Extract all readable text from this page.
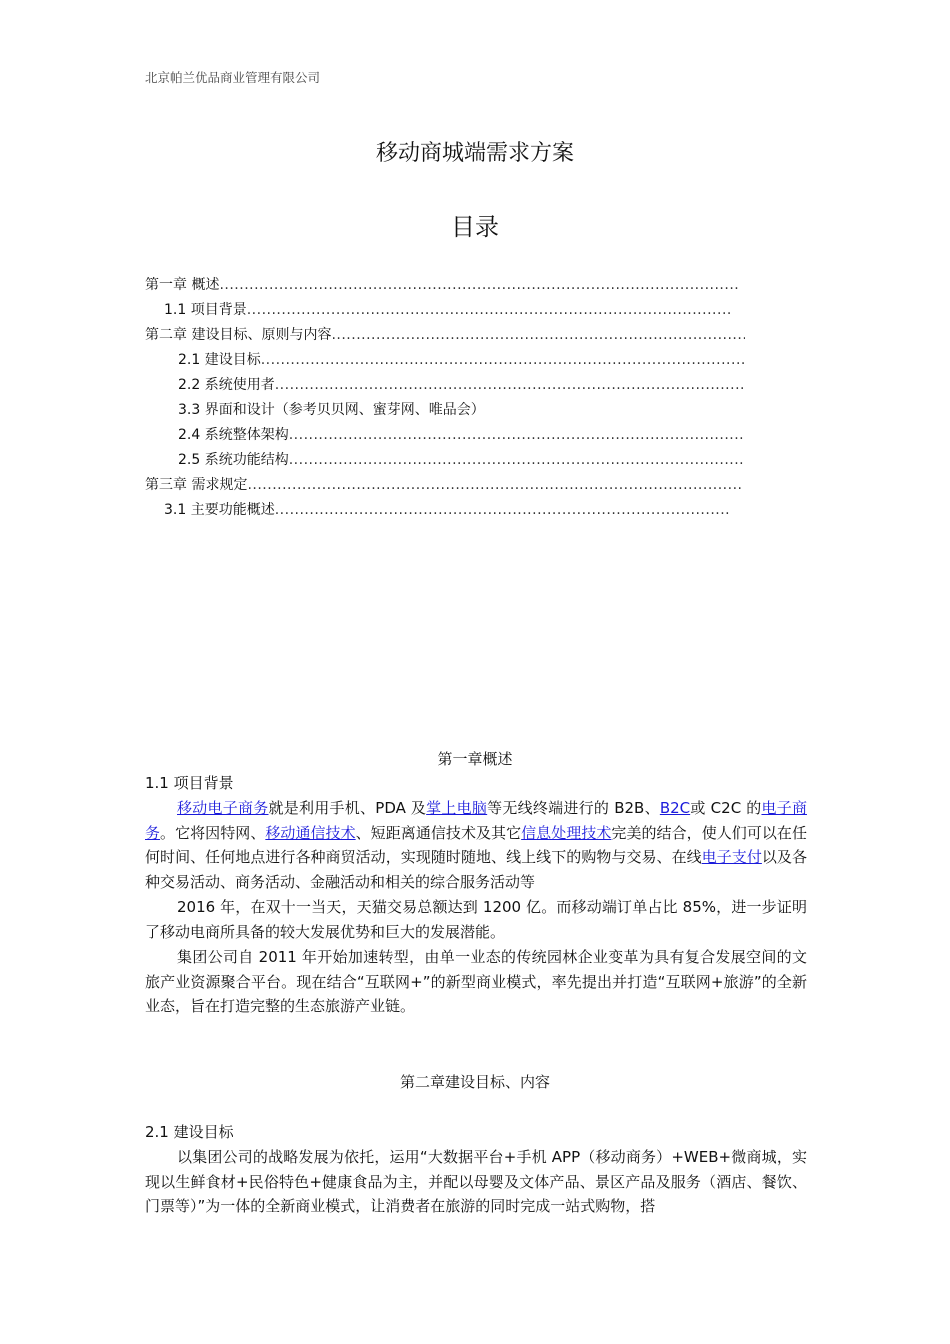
北京帕兰优品商业管理有限公司
移动商城端需求方案
目录
第一章 概述
.....
1.1 项目背景
.....
第二章 建设目标、原则与内容
.....
2.1 建设目标
.....
2.2 系统使用者
.....
3.3 界面和设计（参考贝贝网、蜜芽网、唯品会）
2.4 系统整体架构
.....
2.5 系统功能结构
.....
第三章 需求规定
.....
3.1 主要功能概述
.....
第一章概述
1.1 项目背景

移动电子商务就是利用手机、PDA 及掌上电脑等无线终端进行的 B2B、B2C或 C2C 的电子商务。它将因特网、移动通信技术、短距离通信技术及其它信息处理技术完美的结合，使人们可以在任何时间、任何地点进行各种商贸活动，实现随时随地、线上线下的购物与交易、在线电子支付以及各种交易活动、商务活动、金融活动和相关的综合服务活动等

2016 年，在双十一当天，天猫交易总额达到 1200 亿。而移动端订单占比 85%，进一步证明了移动电商所具备的较大发展优势和巨大的发展潜能。

集团公司自 2011 年开始加速转型，由单一业态的传统园林企业变革为具有复合发展空间的文旅产业资源聚合平台。现在结合“互联网+”的新型商业模式，率先提出并打造“互联网+旅游”的全新业态，旨在打造完整的生态旅游产业链。

第二章建设目标、内容
2.1 建设目标

以集团公司的战略发展为依托，运用“大数据平台+手机 APP（移动商务）+WEB+微商城，实现以生鲜食材+民俗特色+健康食品为主，并配以母婴及文体产品、景区产品及服务（酒店、餐饮、门票等）”为一体的全新商业模式，让消费者在旅游的同时完成一站式购物，搭
